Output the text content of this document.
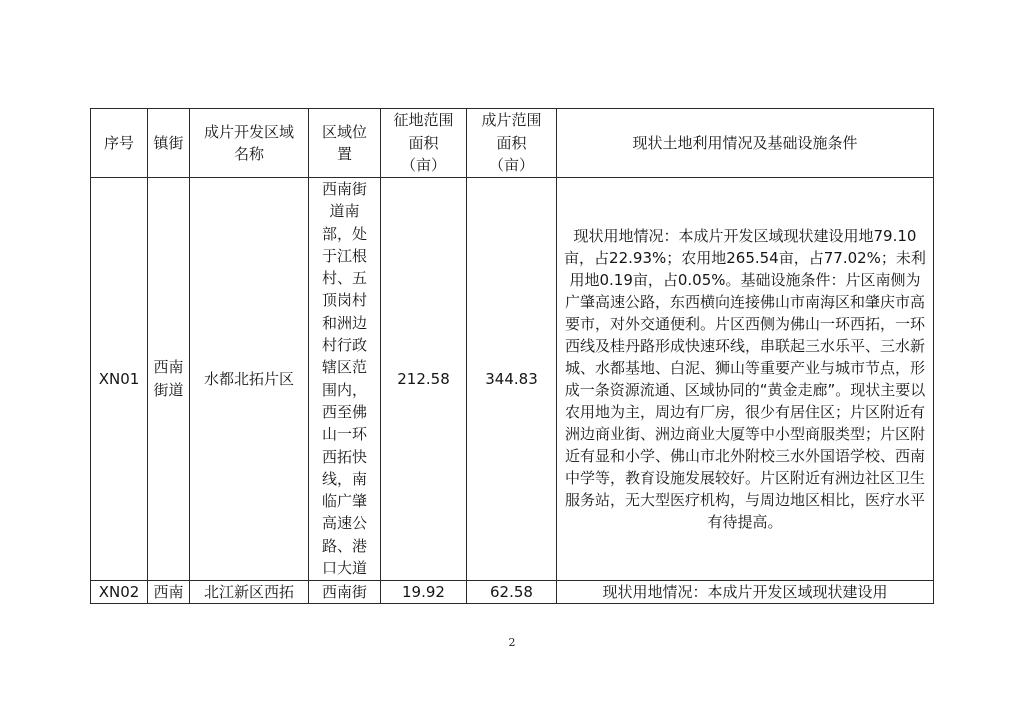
序号	镇街	成片开发区域名称	区域位置	征地范围面积（亩）	成片范围面积（亩）	现状土地利用情况及基础设施条件
XN01	西南街道	水都北拓片区	西南街道南部，处于江根村、五顶岗村和洲边村行政辖区范围内，西至佛山一环西拓快线，南临广肇高速公路、港口大道	212.58	344.83	现状用地情况：本成片开发区域现状建设用地79.10亩，占22.93%；农用地265.54亩，占77.02%；未利用地0.19亩，占0.05%。基础设施条件：片区南侧为广肇高速公路，东西横向连接佛山市南海区和肇庆市高要市，对外交通便利。片区西侧为佛山一环西拓，一环西线及桂丹路形成快速环线，串联起三水乐平、三水新城、水都基地、白泥、狮山等重要产业与城市节点，形成一条资源流通、区域协同的“黄金走廊”。现状主要以农用地为主，周边有厂房，很少有居住区；片区附近有洲边商业街、洲边商业大厦等中小型商服类型；片区附近有显和小学、佛山市北外附校三水外国语学校、西南中学等，教育设施发展较好。片区附近有洲边社区卫生服务站，无大型医疗机构，与周边地区相比，医疗水平有待提高。

XN02	西南	北江新区西拓	西南街	19.92	62.58	现状用地情况：本成片开发区域现状建设用
2
